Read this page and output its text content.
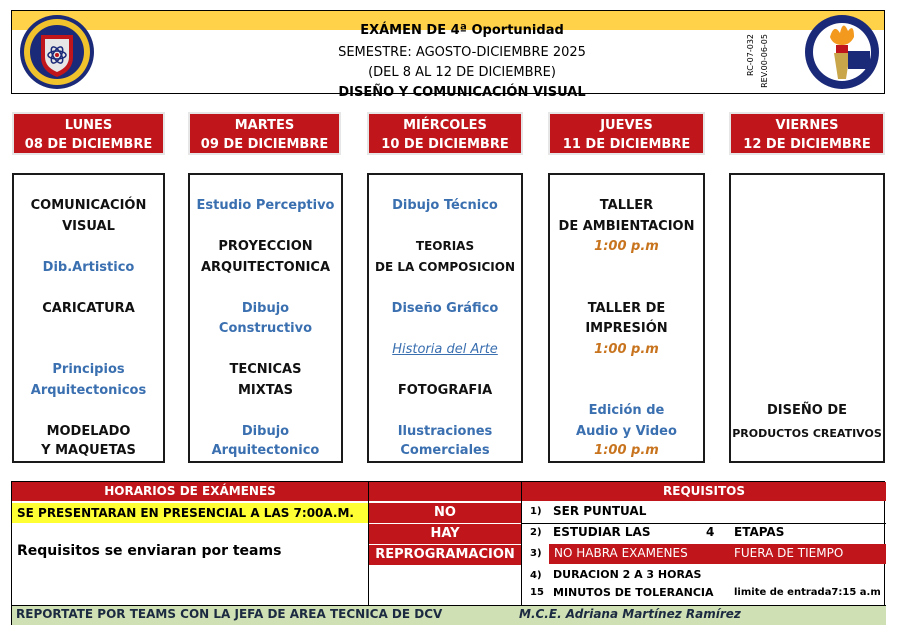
EXÁMEN DE 4ª Oportunidad
SEMESTRE: AGOSTO-DICIEMBRE 2025
(DEL 8 AL 12 DE DICIEMBRE)
DISEÑO Y COMUNICACIÓN VISUAL
RC-07-032 REV.00-06-05
LUNES
08 DE DICIEMBRE
MARTES
09 DE DICIEMBRE
MIÉRCOLES
10 DE DICIEMBRE
JUEVES
11 DE DICIEMBRE
VIERNES
12 DE DICIEMBRE
COMUNICACIÓN
VISUAL
Dib.Artistico
CARICATURA
Principios
Arquitectonicos
MODELADO
Y MAQUETAS
Estudio Perceptivo
PROYECCION
ARQUITECTONICA
Dibujo
Constructivo
TECNICAS
MIXTAS
Dibujo
Arquitectonico
Dibujo Técnico
TEORIAS
DE LA COMPOSICION
Diseño Gráfico
Historia del Arte
FOTOGRAFIA
Ilustraciones
Comerciales
TALLER
DE AMBIENTACION
1:00 p.m
TALLER DE
IMPRESIÓN
1:00 p.m
Edición de
Audio y Video
1:00 p.m
DISEÑO DE
PRODUCTOS CREATIVOS
HORARIOS DE EXÁMENES
SE PRESENTARAN EN PRESENCIAL A LAS 7:00A.M.
Requisitos se enviaran por teams
NO
HAY
REPROGRAMACION
REQUISITOS
1) SER PUNTUAL
2) ESTUDIAR LAS	4 ETAPAS
3) NO HABRA EXAMENES	FUERA DE TIEMPO
4) DURACION 2 A 3 HORAS
15 MINUTOS DE TOLERANCIA limite de entrada7:15 a.m
REPORTATE POR TEAMS CON LA JEFA DE AREA TECNICA DE DCV	M.C.E. Adriana Martínez Ramírez
